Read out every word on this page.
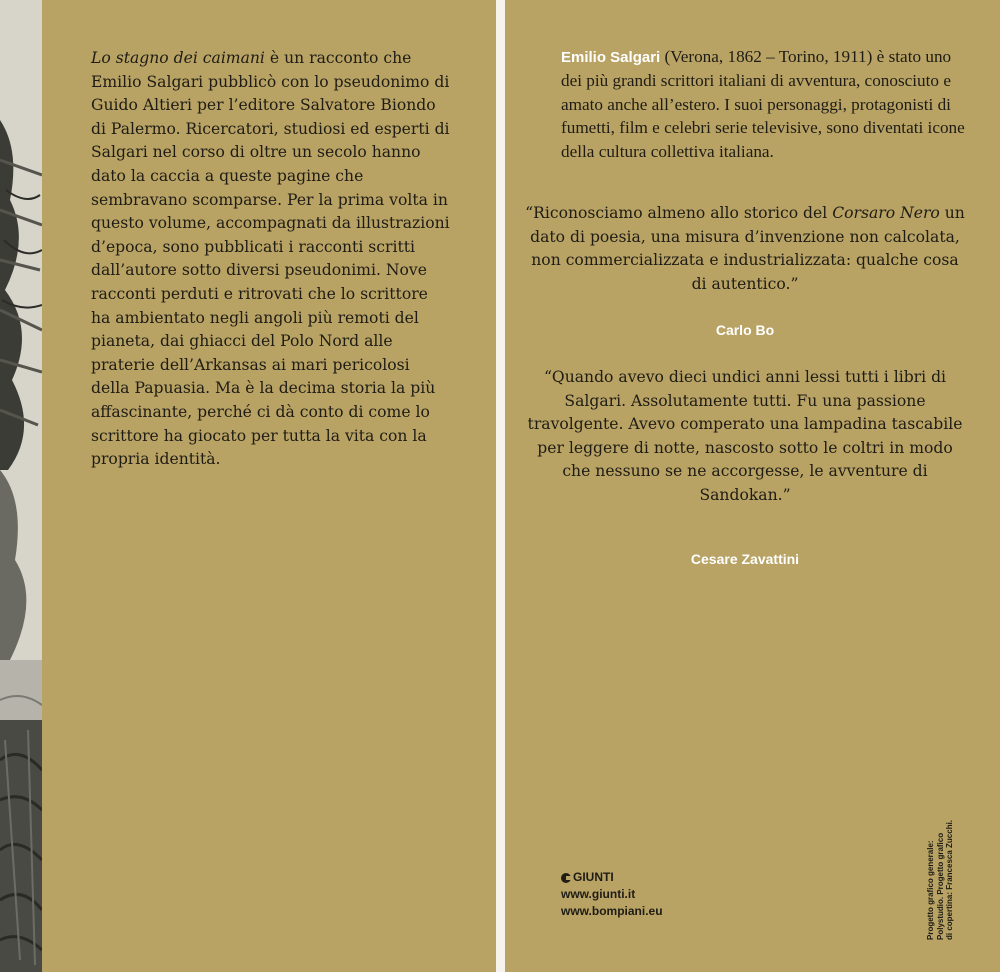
Lo stagno dei caimani è un racconto che Emilio Salgari pubblicò con lo pseudonimo di Guido Altieri per l’editore Salvatore Biondo di Palermo. Ricercatori, studiosi ed esperti di Salgari nel corso di oltre un secolo hanno dato la caccia a queste pagine che sembravano scomparse. Per la prima volta in questo volume, accompagnati da illustrazioni d’epoca, sono pubblicati i racconti scritti dall’autore sotto diversi pseudonimi. Nove racconti perduti e ritrovati che lo scrittore ha ambientato negli angoli più remoti del pianeta, dai ghiacci del Polo Nord alle praterie dell’Arkansas ai mari pericolosi della Papuasia. Ma è la decima storia la più affascinante, perché ci dà conto di come lo scrittore ha giocato per tutta la vita con la propria identità.

Emilio Salgari (Verona, 1862 – Torino, 1911) è stato uno dei più grandi scrittori italiani di avventura, conosciuto e amato anche all’estero. I suoi personaggi, protagonisti di fumetti, film e celebri serie televisive, sono diventati icone della cultura collettiva italiana.

“Riconosciamo almeno allo storico del Corsaro Nero un dato di poesia, una misura d’invenzione non calcolata, non commercializzata e industrializzata: qualche cosa di autentico.”

Carlo Bo

“Quando avevo dieci undici anni lessi tutti i libri di Salgari. Assolutamente tutti. Fu una passione travolgente. Avevo comperato una lampadina tascabile per leggere di notte, nascosto sotto le coltri in modo che nessuno se ne accorgesse, le avventure di Sandokan.”

Cesare Zavattini
GIUNTI
www.giunti.it
www.bompiani.eu	Progetto grafico generale: Polystudio. Progetto grafico di copertina: Francesca Zucchi.
